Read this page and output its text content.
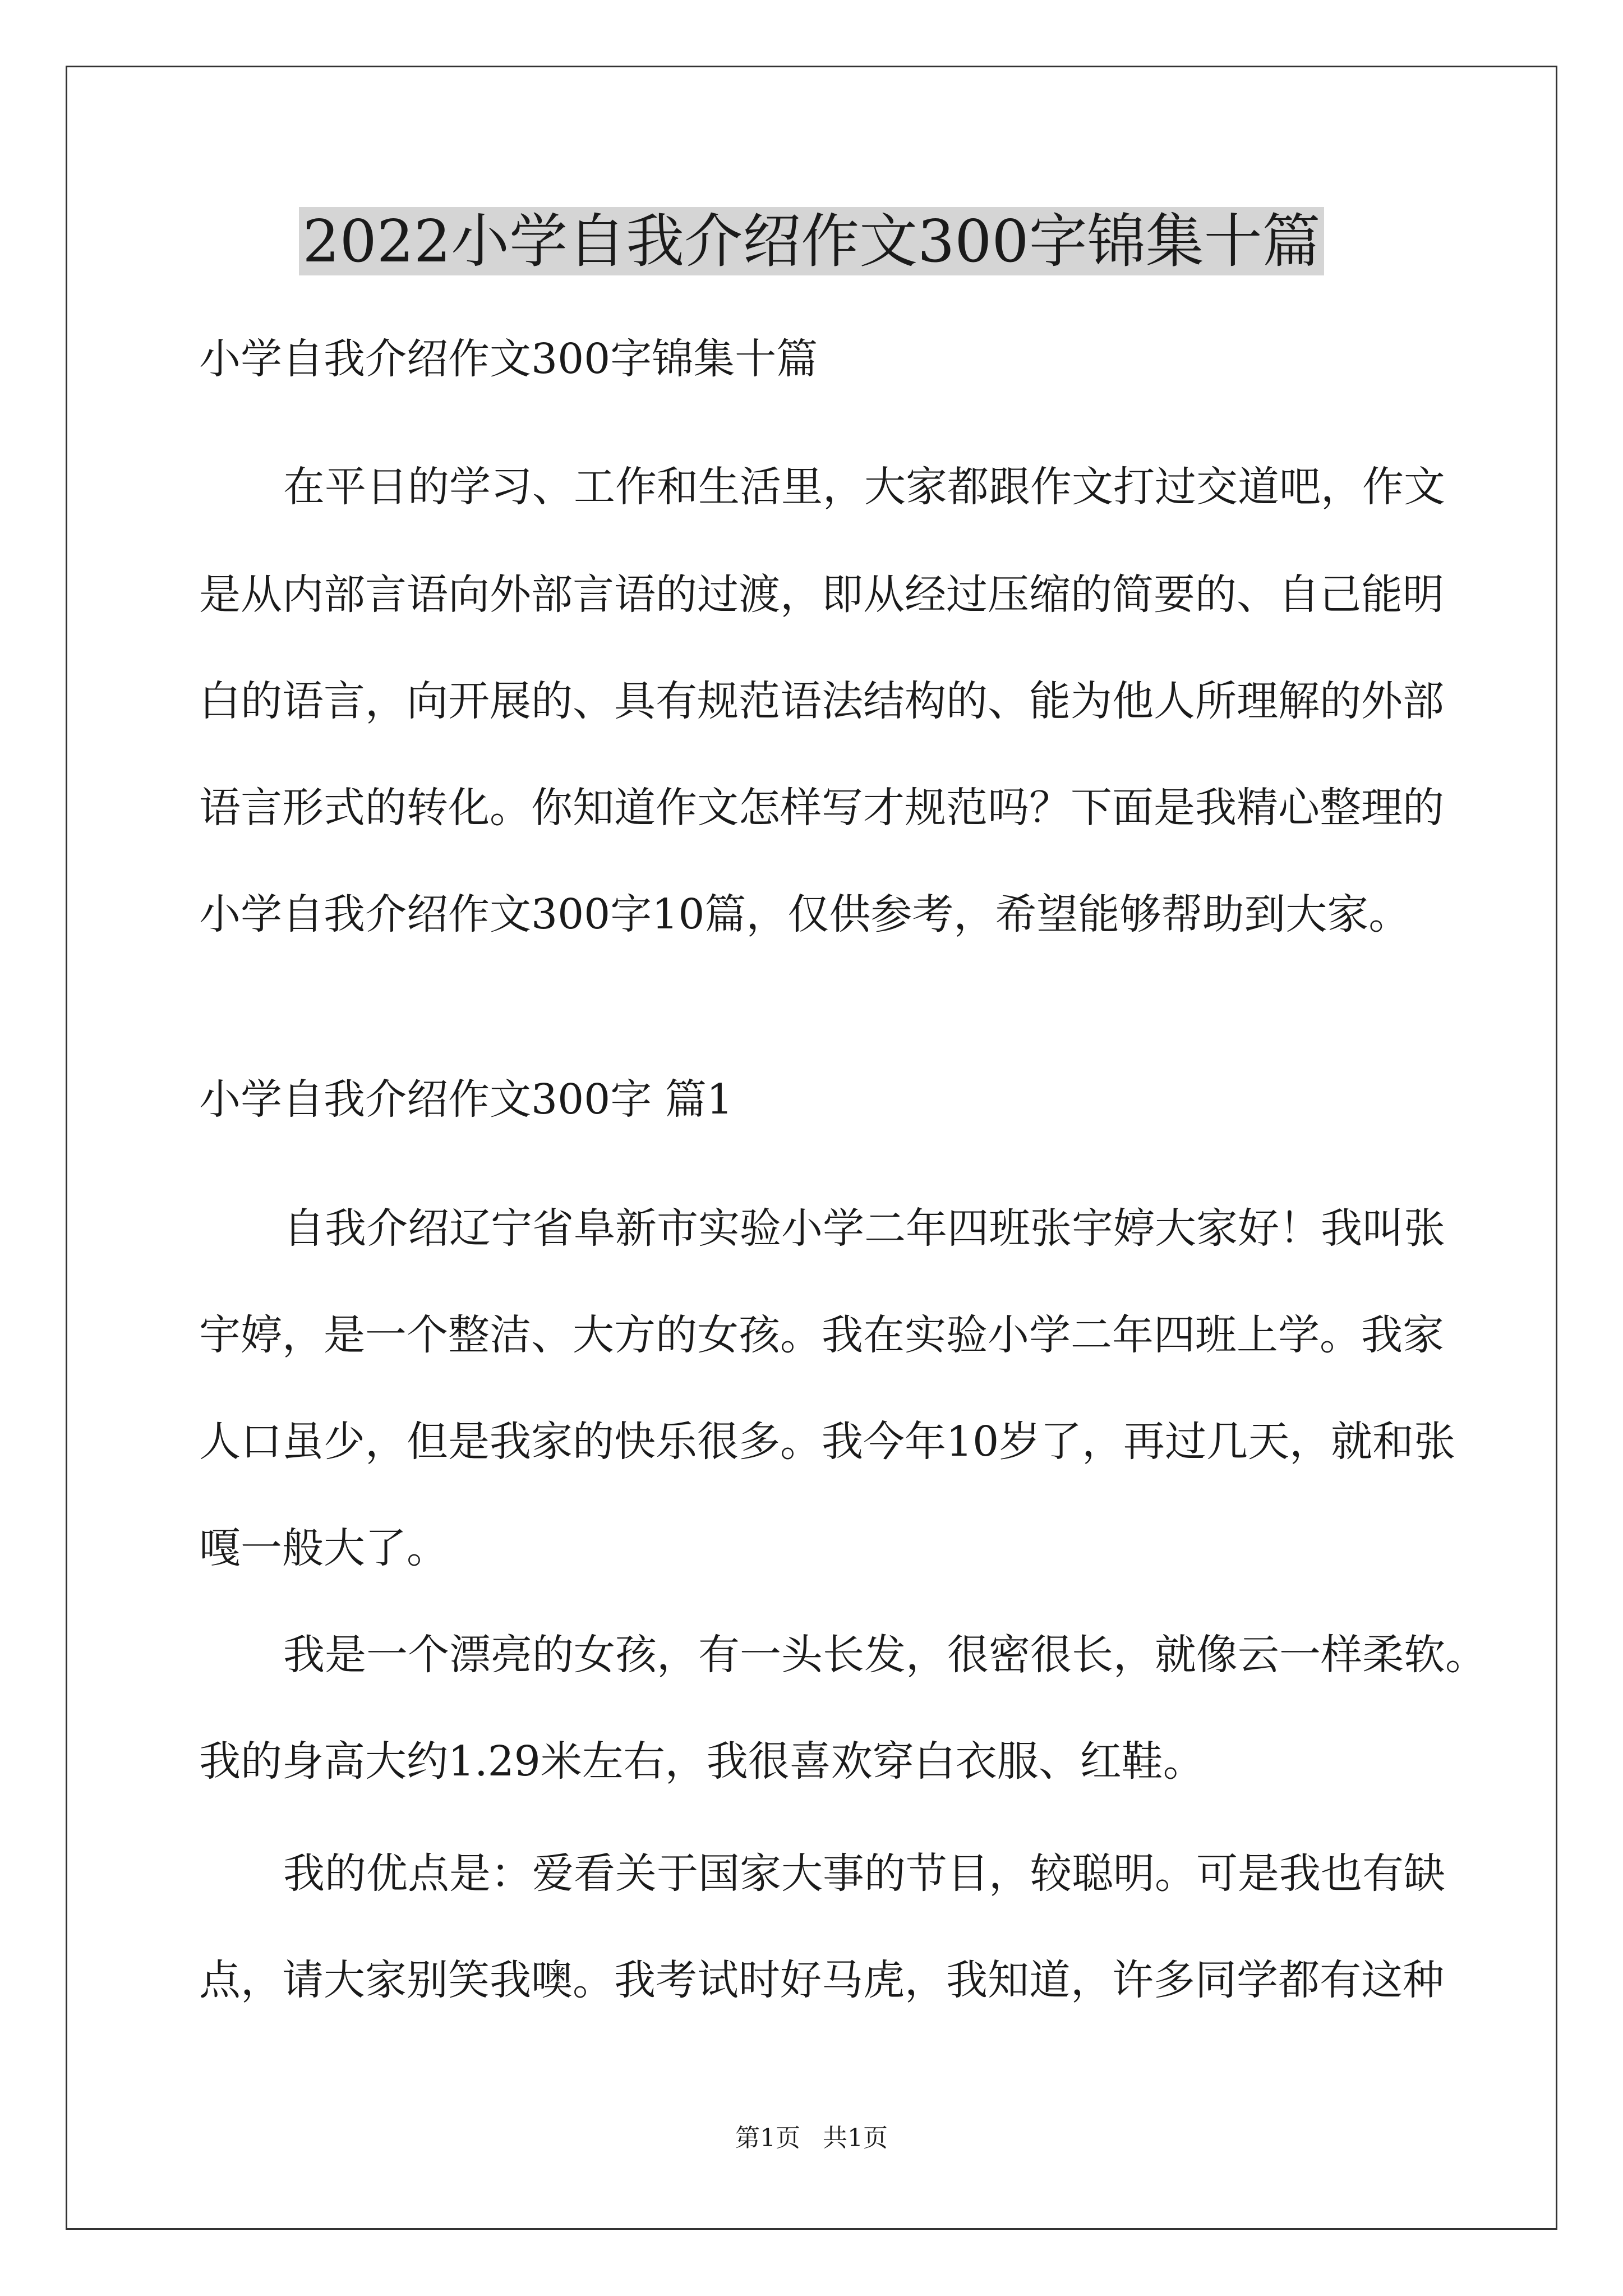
2022小学自我介绍作文300字锦集十篇
小学自我介绍作文300字锦集十篇
在平日的学习、工作和生活里，大家都跟作文打过交道吧，作文
是从内部言语向外部言语的过渡，即从经过压缩的简要的、自己能明
白的语言，向开展的、具有规范语法结构的、能为他人所理解的外部
语言形式的转化。你知道作文怎样写才规范吗？下面是我精心整理的
小学自我介绍作文300字10篇，仅供参考，希望能够帮助到大家。
小学自我介绍作文300字 篇1
自我介绍辽宁省阜新市实验小学二年四班张宇婷大家好！我叫张
宇婷，是一个整洁、大方的女孩。我在实验小学二年四班上学。我家
人口虽少，但是我家的快乐很多。我今年10岁了，再过几天，就和张
嘎一般大了。
我是一个漂亮的女孩，有一头长发，很密很长，就像云一样柔软。
我的身高大约1.29米左右，我很喜欢穿白衣服、红鞋。
我的优点是：爱看关于国家大事的节目，较聪明。可是我也有缺
点，请大家别笑我噢。我考试时好马虎，我知道，许多同学都有这种
第1页 共1页
